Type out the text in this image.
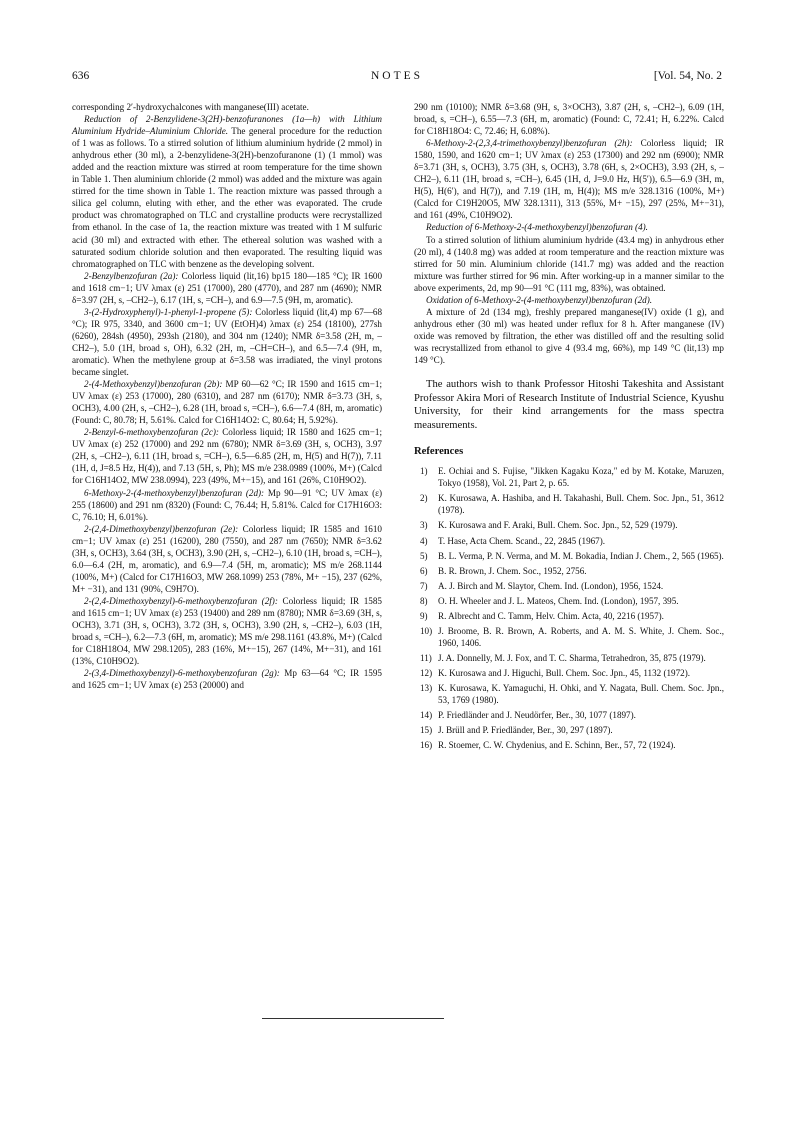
636	NOTES	[Vol. 54, No. 2

corresponding 2′-hydroxychalcones with manganese(III) acetate.

Reduction of 2-Benzylidene-3(2H)-benzofuranones (1a—h) with Lithium Aluminium Hydride–Aluminium Chloride. The general procedure for the reduction of 1 was as follows. To a stirred solution of lithium aluminium hydride (2 mmol) in anhydrous ether (30 ml), a 2-benzylidene-3(2H)-benzofuranone (1) (1 mmol) was added and the reaction mixture was stirred at room temperature for the time shown in Table 1. Then aluminium chloride (2 mmol) was added and the mixture was again stirred for the time shown in Table 1. The reaction mixture was passed through a silica gel column, eluting with ether, and the ether was evaporated. The crude product was chromatographed on TLC and crystalline products were recrystallized from ethanol. In the case of 1a, the reaction mixture was treated with 1 M sulfuric acid (30 ml) and extracted with ether. The ethereal solution was washed with a saturated sodium chloride solution and then evaporated. The resulting liquid was chromatographed on TLC with benzene as the developing solvent.

2-Benzylbenzofuran (2a): Colorless liquid (lit,16) bp15 180—185 °C); IR 1600 and 1618 cm−1; UV λmax (ε) 251 (17000), 280 (4770), and 287 nm (4690); NMR δ=3.97 (2H, s, –CH2–), 6.17 (1H, s, =CH–), and 6.9—7.5 (9H, m, aromatic).

3-(2-Hydroxyphenyl)-1-phenyl-1-propene (5): Colorless liquid (lit,4) mp 67—68 °C); IR 975, 3340, and 3600 cm−1; UV (EtOH)4) λmax (ε) 254 (18100), 277sh (6260), 284sh (4950), 293sh (2180), and 304 nm (1240); NMR δ=3.58 (2H, m, –CH2–), 5.0 (1H, broad s, OH), 6.32 (2H, m, –CH=CH–), and 6.5—7.4 (9H, m, aromatic). When the methylene group at δ=3.58 was irradiated, the vinyl protons became singlet.

2-(4-Methoxybenzyl)benzofuran (2b): MP 60—62 °C; IR 1590 and 1615 cm−1; UV λmax (ε) 253 (17000), 280 (6310), and 287 nm (6170); NMR δ=3.73 (3H, s, OCH3), 4.00 (2H, s, –CH2–), 6.28 (1H, broad s, =CH–), 6.6—7.4 (8H, m, aromatic) (Found: C, 80.78; H, 5.61%. Calcd for C16H14O2: C, 80.64; H, 5.92%).

2-Benzyl-6-methoxybenzofuran (2c): Colorless liquid; IR 1580 and 1625 cm−1; UV λmax (ε) 252 (17000) and 292 nm (6780); NMR δ=3.69 (3H, s, OCH3), 3.97 (2H, s, –CH2–), 6.11 (1H, broad s, =CH–), 6.5—6.85 (2H, m, H(5) and H(7)), 7.11 (1H, d, J=8.5 Hz, H(4)), and 7.13 (5H, s, Ph); MS m/e 238.0989 (100%, M+) (Calcd for C16H14O2, MW 238.0994), 223 (49%, M+−15), and 161 (26%, C10H9O2).

6-Methoxy-2-(4-methoxybenzyl)benzofuran (2d): Mp 90—91 °C; UV λmax (ε) 255 (18600) and 291 nm (8320) (Found: C, 76.44; H, 5.81%. Calcd for C17H16O3: C, 76.10; H, 6.01%).

2-(2,4-Dimethoxybenzyl)benzofuran (2e): Colorless liquid; IR 1585 and 1610 cm−1; UV λmax (ε) 251 (16200), 280 (7550), and 287 nm (7650); NMR δ=3.62 (3H, s, OCH3), 3.64 (3H, s, OCH3), 3.90 (2H, s, –CH2–), 6.10 (1H, broad s, =CH–), 6.0—6.4 (2H, m, aromatic), and 6.9—7.4 (5H, m, aromatic); MS m/e 268.1144 (100%, M+) (Calcd for C17H16O3, MW 268.1099) 253 (78%, M+ −15), 237 (62%, M+ −31), and 131 (90%, C9H7O).

2-(2,4-Dimethoxybenzyl)-6-methoxybenzofuran (2f): Colorless liquid; IR 1585 and 1615 cm−1; UV λmax (ε) 253 (19400) and 289 nm (8780); NMR δ=3.69 (3H, s, OCH3), 3.71 (3H, s, OCH3), 3.72 (3H, s, OCH3), 3.90 (2H, s, –CH2–), 6.03 (1H, broad s, =CH–), 6.2—7.3 (6H, m, aromatic); MS m/e 298.1161 (43.8%, M+) (Calcd for C18H18O4, MW 298.1205), 283 (16%, M+−15), 267 (14%, M+−31), and 161 (13%, C10H9O2).

2-(3,4-Dimethoxybenzyl)-6-methoxybenzofuran (2g): Mp 63—64 °C; IR 1595 and 1625 cm−1; UV λmax (ε) 253 (20000) and

290 nm (10100); NMR δ=3.68 (9H, s, 3×OCH3), 3.87 (2H, s, –CH2–), 6.09 (1H, broad, s, =CH–), 6.55—7.3 (6H, m, aromatic) (Found: C, 72.41; H, 6.22%. Calcd for C18H18O4: C, 72.46; H, 6.08%).

6-Methoxy-2-(2,3,4-trimethoxybenzyl)benzofuran (2h): Colorless liquid; IR 1580, 1590, and 1620 cm−1; UV λmax (ε) 253 (17300) and 292 nm (6900); NMR δ=3.71 (3H, s, OCH3), 3.75 (3H, s, OCH3), 3.78 (6H, s, 2×OCH3), 3.93 (2H, s, –CH2–), 6.11 (1H, broad s, =CH–), 6.45 (1H, d, J=9.0 Hz, H(5′)), 6.5—6.9 (3H, m, H(5), H(6′), and H(7)), and 7.19 (1H, m, H(4)); MS m/e 328.1316 (100%, M+) (Calcd for C19H20O5, MW 328.1311), 313 (55%, M+ −15), 297 (25%, M+−31), and 161 (49%, C10H9O2).

Reduction of 6-Methoxy-2-(4-methoxybenzyl)benzofuran (4).

To a stirred solution of lithium aluminium hydride (43.4 mg) in anhydrous ether (20 ml), 4 (140.8 mg) was added at room temperature and the reaction mixture was stirred for 50 min. Aluminium chloride (141.7 mg) was added and the reaction mixture was further stirred for 96 min. After working-up in a manner similar to the above experiments, 2d, mp 90—91 °C (111 mg, 83%), was obtained.

Oxidation of 6-Methoxy-2-(4-methoxybenzyl)benzofuran (2d).

A mixture of 2d (134 mg), freshly prepared manganese(IV) oxide (1 g), and anhydrous ether (30 ml) was heated under reflux for 8 h. After manganese (IV) oxide was removed by filtration, the ether was distilled off and the resulting solid was recrystallized from ethanol to give 4 (93.4 mg, 66%), mp 149 °C (lit,13) mp 149 °C).

The authors wish to thank Professor Hitoshi Takeshita and Assistant Professor Akira Mori of Research Institute of Industrial Science, Kyushu University, for their kind arrangements for the mass spectra measurements.

References

1) E. Ochiai and S. Fujise, "Jikken Kagaku Koza," ed by M. Kotake, Maruzen, Tokyo (1958), Vol. 21, Part 2, p. 65.
2) K. Kurosawa, A. Hashiba, and H. Takahashi, Bull. Chem. Soc. Jpn., 51, 3612 (1978).
3) K. Kurosawa and F. Araki, Bull. Chem. Soc. Jpn., 52, 529 (1979).
4) T. Hase, Acta Chem. Scand., 22, 2845 (1967).
5) B. L. Verma, P. N. Verma, and M. M. Bokadia, Indian J. Chem., 2, 565 (1965).
6) B. R. Brown, J. Chem. Soc., 1952, 2756.
7) A. J. Birch and M. Slaytor, Chem. Ind. (London), 1956, 1524.
8) O. H. Wheeler and J. L. Mateos, Chem. Ind. (London), 1957, 395.
9) R. Albrecht and C. Tamm, Helv. Chim. Acta, 40, 2216 (1957).
10) J. Broome, B. R. Brown, A. Roberts, and A. M. S. White, J. Chem. Soc., 1960, 1406.
11) J. A. Donnelly, M. J. Fox, and T. C. Sharma, Tetrahedron, 35, 875 (1979).
12) K. Kurosawa and J. Higuchi, Bull. Chem. Soc. Jpn., 45, 1132 (1972).
13) K. Kurosawa, K. Yamaguchi, H. Ohki, and Y. Nagata, Bull. Chem. Soc. Jpn., 53, 1769 (1980).
14) P. Friedländer and J. Neudörfer, Ber., 30, 1077 (1897).
15) J. Brüll and P. Friedländer, Ber., 30, 297 (1897).
16) R. Stoemer, C. W. Chydenius, and E. Schinn, Ber., 57, 72 (1924).
